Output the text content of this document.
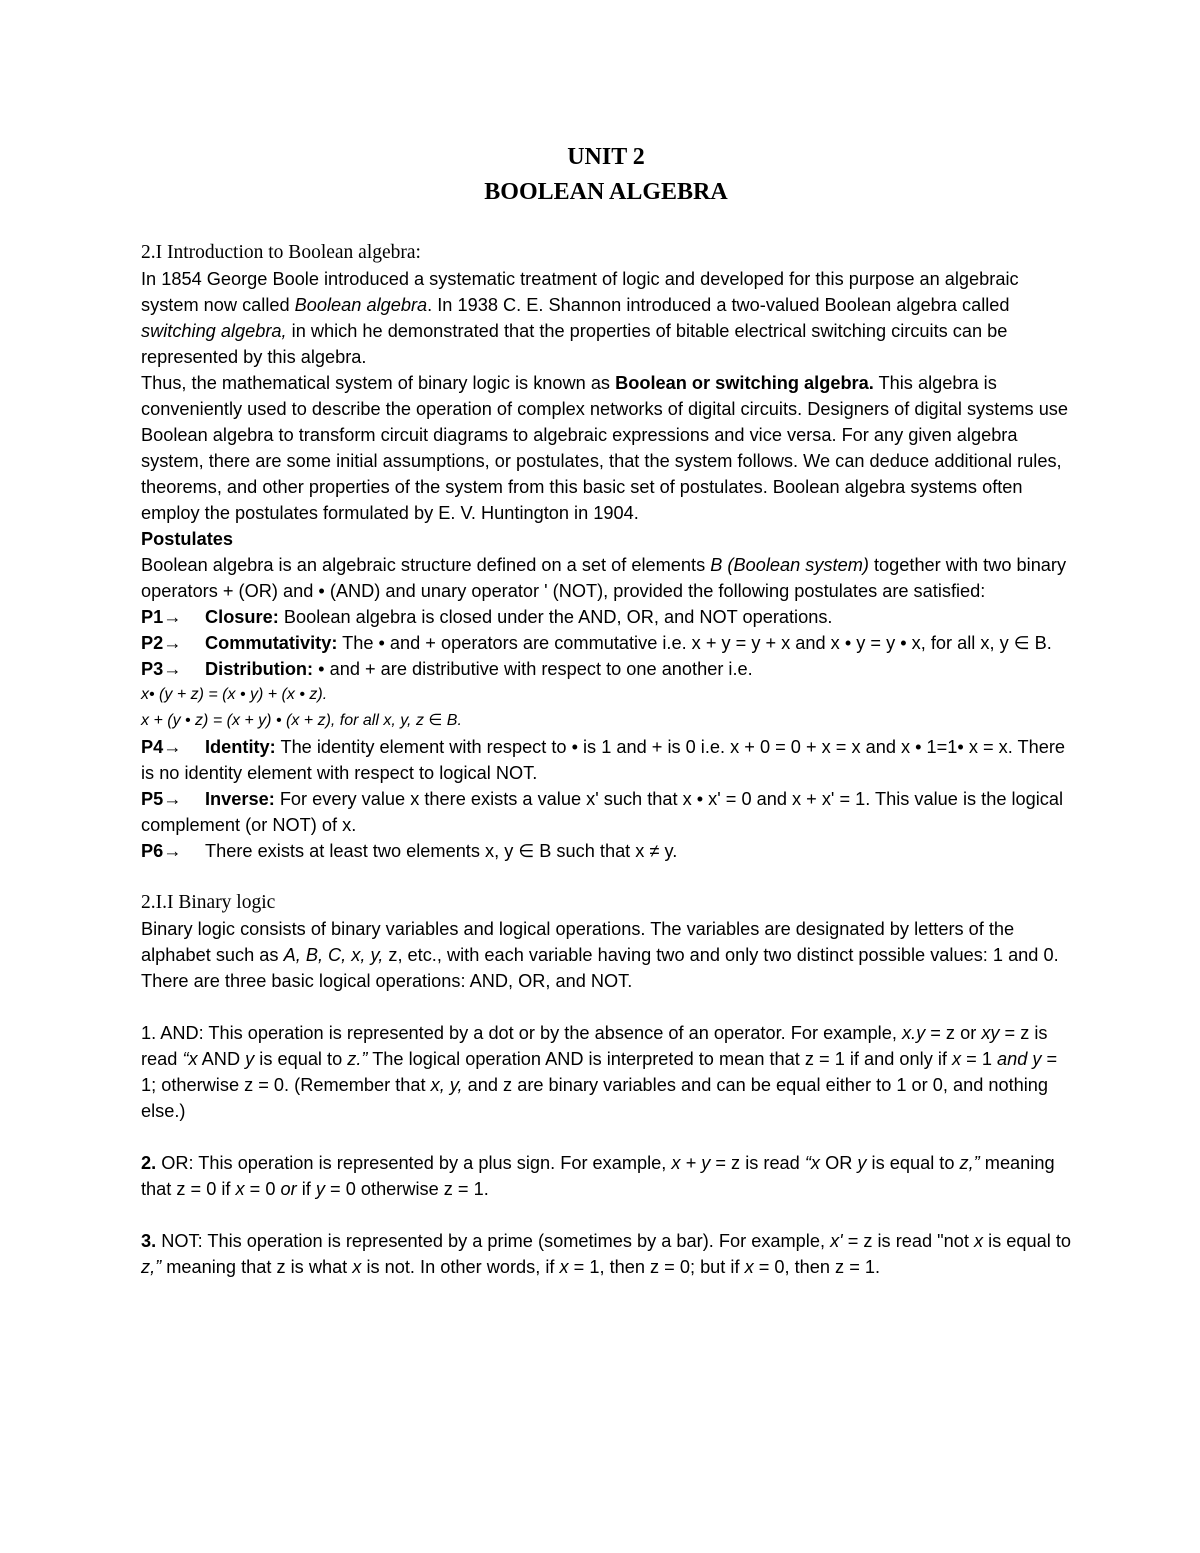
UNIT 2
BOOLEAN ALGEBRA
2.I Introduction to Boolean algebra:

In 1854 George Boole introduced a systematic treatment of logic and developed for this purpose an algebraic system now called Boolean algebra. In 1938 C. E. Shannon introduced a two-valued Boolean algebra called switching algebra, in which he demonstrated that the properties of bitable electrical switching circuits can be represented by this algebra.

Thus, the mathematical system of binary logic is known as Boolean or switching algebra. This algebra is conveniently used to describe the operation of complex networks of digital circuits. Designers of digital systems use Boolean algebra to transform circuit diagrams to algebraic expressions and vice versa. For any given algebra system, there are some initial assumptions, or postulates, that the system follows. We can deduce additional rules, theorems, and other properties of the system from this basic set of postulates. Boolean algebra systems often employ the postulates formulated by E. V. Huntington in 1904.

Postulates

Boolean algebra is an algebraic structure defined on a set of elements B (Boolean system) together with two binary operators + (OR) and • (AND) and unary operator ' (NOT), provided the following postulates are satisfied:

P1→ Closure: Boolean algebra is closed under the AND, OR, and NOT operations.

P2→ Commutativity: The • and + operators are commutative i.e. x + y = y + x and x • y = y • x, for all x, y ∈ B.

P3→ Distribution: • and + are distributive with respect to one another i.e.

x• (y + z) = (x • y) + (x • z).

x + (y • z) = (x + y) • (x + z), for all x, y, z ∈ B.

P4→ Identity: The identity element with respect to • is 1 and + is 0 i.e. x + 0 = 0 + x = x and x • 1=1• x = x. There is no identity element with respect to logical NOT.

P5→ Inverse: For every value x there exists a value x' such that x • x' = 0 and x + x' = 1. This value is the logical complement (or NOT) of x.

P6→ There exists at least two elements x, y ∈ B such that x ≠ y.

2.I.I Binary logic

Binary logic consists of binary variables and logical operations. The variables are designated by letters of the alphabet such as A, B, C, x, y, z, etc., with each variable having two and only two distinct possible values: 1 and 0. There are three basic logical operations: AND, OR, and NOT.

1. AND: This operation is represented by a dot or by the absence of an operator. For example, x.y = z or xy = z is read “x AND y is equal to z.” The logical operation AND is interpreted to mean that z = 1 if and only if x = 1 and y = 1; otherwise z = 0. (Remember that x, y, and z are binary variables and can be equal either to 1 or 0, and nothing else.)

2. OR: This operation is represented by a plus sign. For example, x + y = z is read “x OR y is equal to z,” meaning that z = 0 if x = 0 or if y = 0 otherwise z = 1.

3. NOT: This operation is represented by a prime (sometimes by a bar). For example, x' = z is read "not x is equal to z,” meaning that z is what x is not. In other words, if x = 1, then z = 0; but if x = 0, then z = 1.
